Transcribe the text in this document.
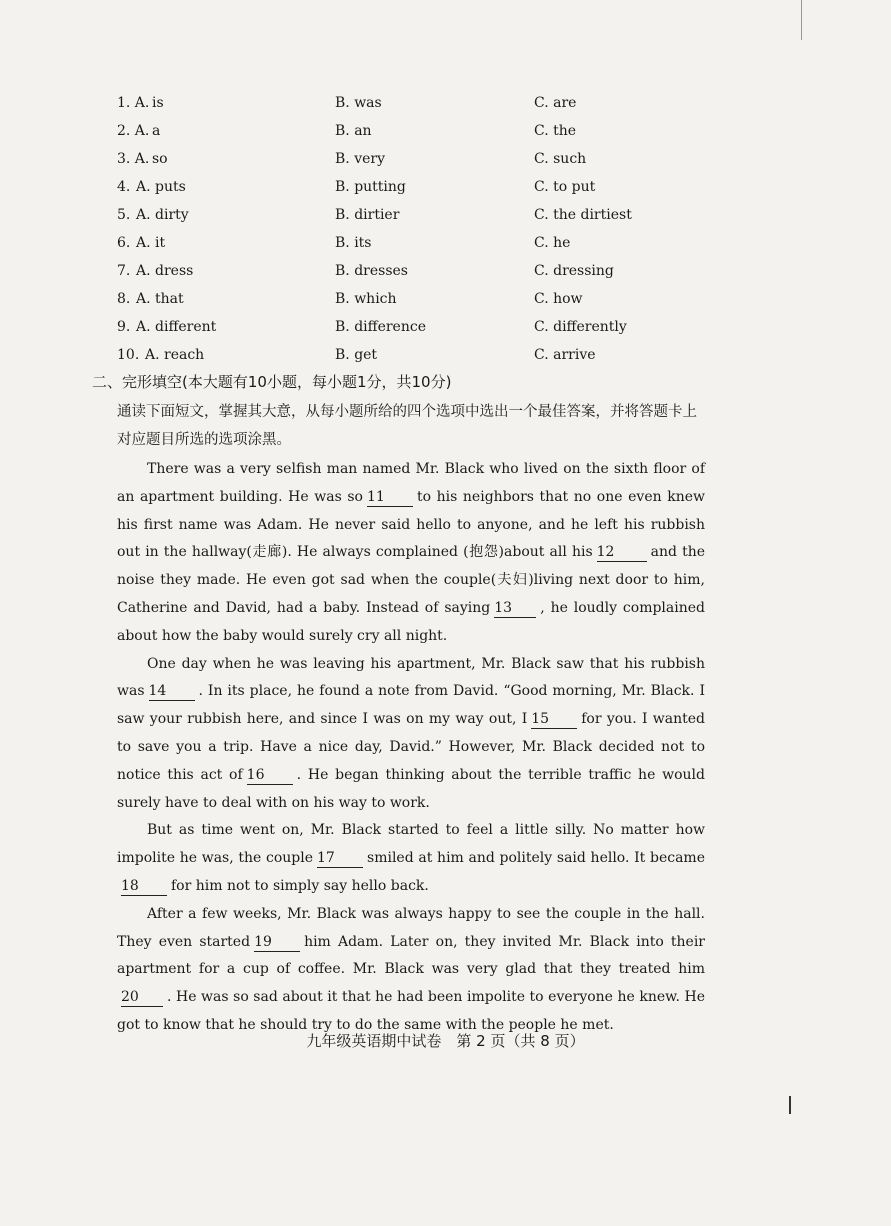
1. A. is	B. was	C. are
2. A. a	B. an	C. the
3. A. so	B. very	C. such
4. A. puts	B. putting	C. to put
5. A. dirty	B. dirtier	C. the dirtiest
6. A. it	B. its	C. he
7. A. dress	B. dresses	C. dressing
8. A. that	B. which	C. how
9. A. different	B. difference	C. differently
10. A. reach	B. get	C. arrive
二、完形填空(本大题有10小题，每小题1分，共10分)
通读下面短文，掌握其大意，从每小题所给的四个选项中选出一个最佳答案，并将答题卡上对应题目所选的选项涂黑。

There was a very selfish man named Mr. Black who lived on the sixth floor of an apartment building. He was so 11 to his neighbors that no one even knew his first name was Adam. He never said hello to anyone, and he left his rubbish out in the hallway(走廊). He always complained (抱怨)about all his 12	and the noise they made. He even got sad when the couple(夫妇)living next door to him, Catherine and David, had a baby. Instead of saying 13 , he loudly complained about how the baby would surely cry all night.

One day when he was leaving his apartment, Mr. Black saw that his rubbish was 14 . In its place, he found a note from David. “Good morning, Mr. Black. I saw your rubbish here, and since I was on my way out, I 15 for you. I wanted to save you a trip. Have a nice day, David.” However, Mr. Black decided not to notice this act of 16 . He began thinking about the terrible traffic he would surely have to deal with on his way to work.

But as time went on, Mr. Black started to feel a little silly. No matter how impolite he was, the couple 17 smiled at him and politely said hello. It became18 for him not to simply say hello back.

After a few weeks, Mr. Black was always happy to see the couple in the hall. They even started 19 him Adam. Later on, they invited Mr. Black into their apartment for a cup of coffee. Mr. Black was very glad that they treated him20 . He was so sad about it that he had been impolite to everyone he knew. He got to know that he should try to do the same with the people he met.

九年级英语期中试卷　第 2 页（共 8 页）
